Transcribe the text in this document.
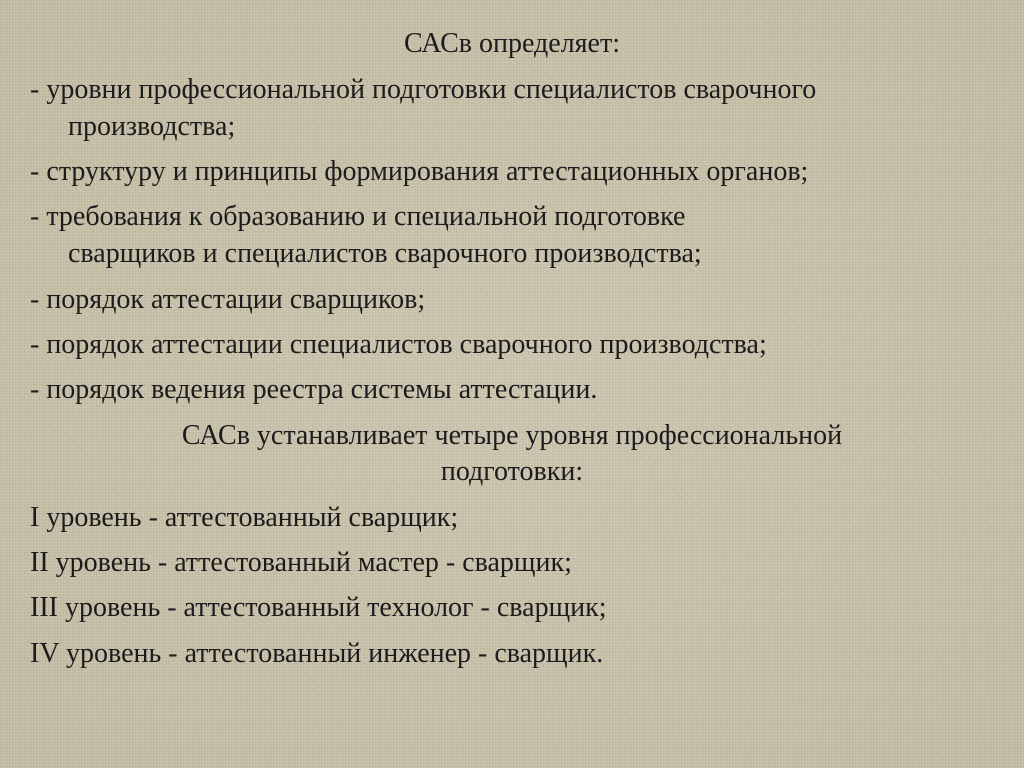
САСв определяет:
- уровни профессиональной подготовки специалистов сварочного
производства;
- структуру и принципы формирования аттестационных органов;
- требования к образованию и специальной подготовке
сварщиков и специалистов сварочного производства;
- порядок аттестации сварщиков;
- порядок аттестации специалистов сварочного производства;
- порядок ведения реестра системы аттестации.
САСв устанавливает четыре уровня профессиональной
подготовки:
I уровень - аттестованный сварщик;
II уровень - аттестованный мастер - сварщик;
III уровень - аттестованный технолог - сварщик;
IV уровень - аттестованный инженер - сварщик.
